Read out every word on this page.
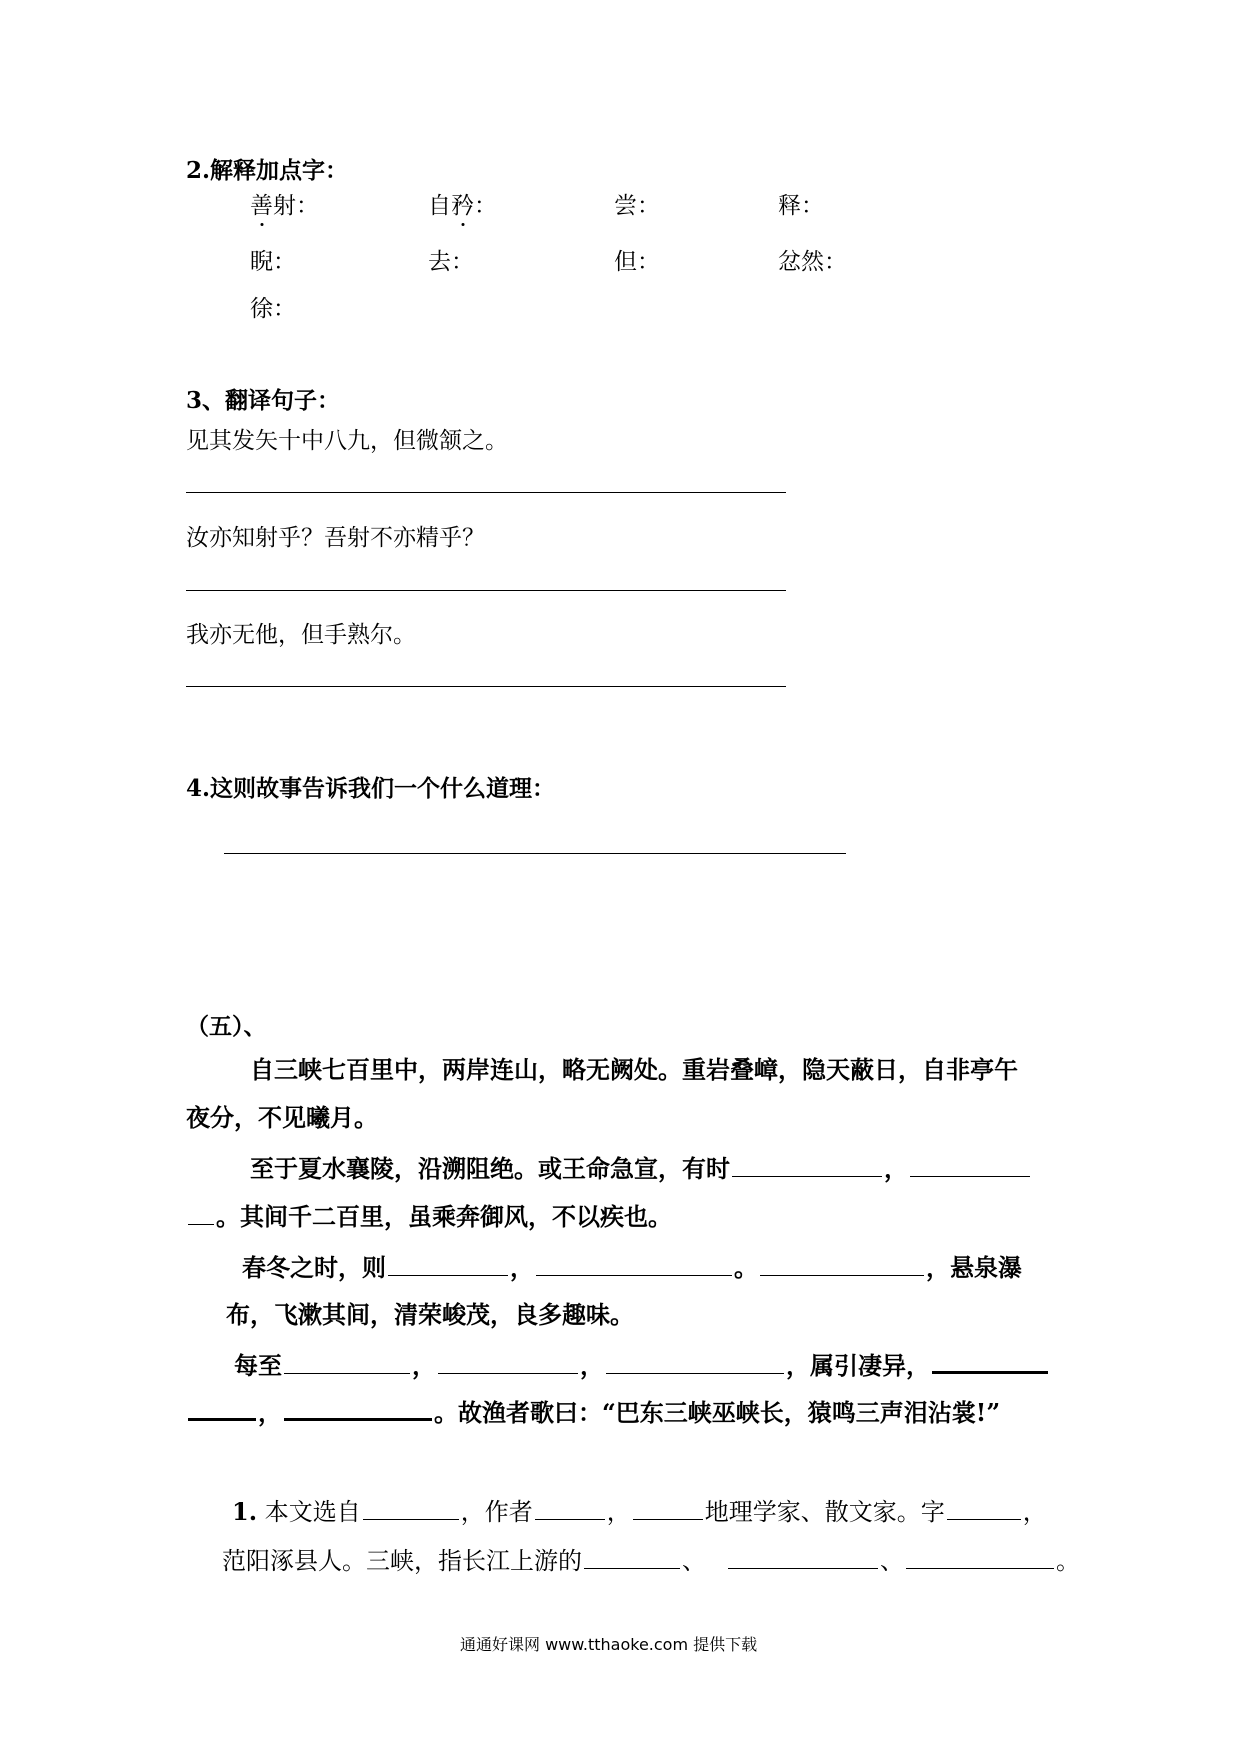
2.解释加点字：
善射：	自矜：	尝：	释：
睨：	去：	但：	忿然：
徐：
3、翻译句子：
见其发矢十中八九，但微颔之。
汝亦知射乎？吾射不亦精乎？
我亦无他，但手熟尔。
4.这则故事告诉我们一个什么道理：
（五）、
自三峡七百里中，两岸连山，略无阙处。重岩叠嶂，隐天蔽日，自非亭午
夜分，不见曦月。
至于夏水襄陵，沿溯阻绝。或王命急宣，有时	，
。其间千二百里，虽乘奔御风，不以疾也。
春冬之时，则	，	。	，悬泉瀑
布，飞漱其间，清荣峻茂，良多趣味。
每至	，	，	，属引凄异，
，	。故渔者歌曰：“巴东三峡巫峡长，猿鸣三声泪沾裳!”
1. 本文选自	，作者	，	地理学家、散文家。字	，
范阳涿县人。三峡，指长江上游的	、	、	。
通通好课网 www.tthaoke.com 提供下载
